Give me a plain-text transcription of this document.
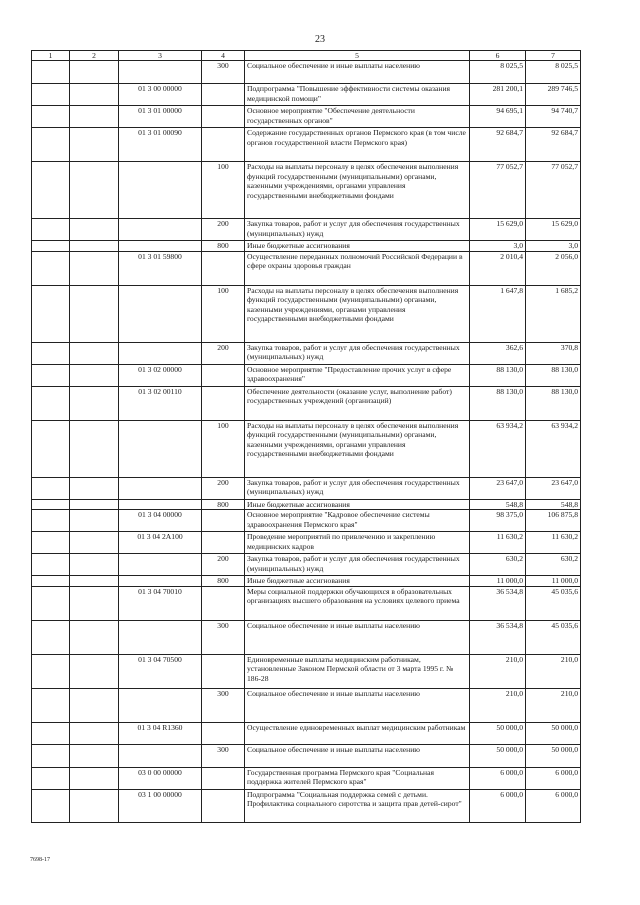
23
1	2	3	4	5	6	7
			300	Социальное обеспечение и иные выплаты населению	8 025,5	8 025,5
		01 3 00 00000		Подпрограмма "Повышение эффективности системы оказания медицинской помощи"	281 200,1	289 746,5
		01 3 01 00000		Основное мероприятие "Обеспечение деятельности государственных органов"	94 695,1	94 740,7
		01 3 01 00090		Содержание государственных органов Пермского края (в том числе органов государственной власти Пермского края)	92 684,7	92 684,7
			100	Расходы на выплаты персоналу в целях обеспечения выполнения функций государственными (муниципальными) органами, казенными учреждениями, органами управления государственными внебюджетными фондами	77 052,7	77 052,7
			200	Закупка товаров, работ и услуг для обеспечения государственных (муниципальных) нужд	15 629,0	15 629,0
			800	Иные бюджетные ассигнования	3,0	3,0
		01 3 01 59800		Осуществление переданных полномочий Российской Федерации в сфере охраны здоровья граждан	2 010,4	2 056,0
			100	Расходы на выплаты персоналу в целях обеспечения выполнения функций государственными (муниципальными) органами, казенными учреждениями, органами управления государственными внебюджетными фондами	1 647,8	1 685,2
			200	Закупка товаров, работ и услуг для обеспечения государственных (муниципальных) нужд	362,6	370,8
		01 3 02 00000		Основное мероприятие "Предоставление прочих услуг в сфере здравоохранения"	88 130,0	88 130,0
		01 3 02 00110		Обеспечение деятельности (оказание услуг, выполнение работ) государственных учреждений (организаций)	88 130,0	88 130,0
			100	Расходы на выплаты персоналу в целях обеспечения выполнения функций государственными (муниципальными) органами, казенными учреждениями, органами управления государственными внебюджетными фондами	63 934,2	63 934,2
			200	Закупка товаров, работ и услуг для обеспечения государственных (муниципальных) нужд	23 647,0	23 647,0
			800	Иные бюджетные ассигнования	548,8	548,8
		01 3 04 00000		Основное мероприятие "Кадровое обеспечение системы здравоохранения Пермского края"	98 375,0	106 875,8
		01 3 04 2А100		Проведение мероприятий по привлечению и закреплению медицинских кадров	11 630,2	11 630,2
			200	Закупка товаров, работ и услуг для обеспечения государственных (муниципальных) нужд	630,2	630,2
			800	Иные бюджетные ассигнования	11 000,0	11 000,0
		01 3 04 70010		Меры социальной поддержки обучающихся в образовательных организациях высшего образования на условиях целевого приема	36 534,8	45 035,6
			300	Социальное обеспечение и иные выплаты населению	36 534,8	45 035,6
		01 3 04 70500		Единовременные выплаты медицинским работникам, установленные Законом Пермской области от 3 марта 1995 г. № 186-28	210,0	210,0
			300	Социальное обеспечение и иные выплаты населению	210,0	210,0
		01 3 04 R1360		Осуществление единовременных выплат медицинским работникам	50 000,0	50 000,0
			300	Социальное обеспечение и иные выплаты населению	50 000,0	50 000,0
		03 0 00 00000		Государственная программа Пермского края "Социальная поддержка жителей Пермского края"	6 000,0	6 000,0
		03 1 00 00000		Подпрограмма "Социальная поддержка семей с детьми. Профилактика социального сиротства и защита прав детей-сирот"	6 000,0	6 000,0
7698-17
